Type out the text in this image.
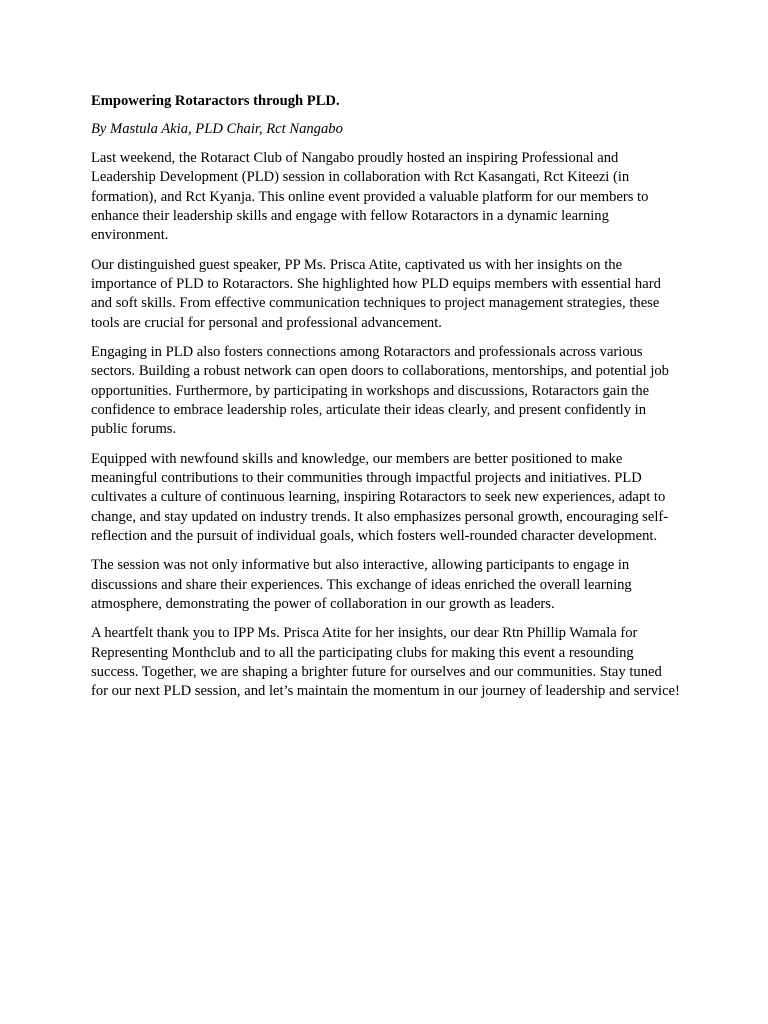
Empowering Rotaractors through PLD.
By Mastula Akia, PLD Chair, Rct Nangabo
Last weekend, the Rotaract Club of Nangabo proudly hosted an inspiring Professional and Leadership Development (PLD) session in collaboration with Rct Kasangati, Rct Kiteezi (in formation), and Rct Kyanja. This online event provided a valuable platform for our members to enhance their leadership skills and engage with fellow Rotaractors in a dynamic learning environment.
Our distinguished guest speaker, PP Ms. Prisca Atite, captivated us with her insights on the importance of PLD to Rotaractors. She highlighted how PLD equips members with essential hard and soft skills. From effective communication techniques to project management strategies, these tools are crucial for personal and professional advancement.
Engaging in PLD also fosters connections among Rotaractors and professionals across various sectors. Building a robust network can open doors to collaborations, mentorships, and potential job opportunities. Furthermore, by participating in workshops and discussions, Rotaractors gain the confidence to embrace leadership roles, articulate their ideas clearly, and present confidently in public forums.
Equipped with newfound skills and knowledge, our members are better positioned to make meaningful contributions to their communities through impactful projects and initiatives. PLD cultivates a culture of continuous learning, inspiring Rotaractors to seek new experiences, adapt to change, and stay updated on industry trends. It also emphasizes personal growth, encouraging self-reflection and the pursuit of individual goals, which fosters well-rounded character development.
The session was not only informative but also interactive, allowing participants to engage in discussions and share their experiences. This exchange of ideas enriched the overall learning atmosphere, demonstrating the power of collaboration in our growth as leaders.
A heartfelt thank you to IPP Ms. Prisca Atite for her insights, our dear Rtn Phillip Wamala for Representing Monthclub and to all the participating clubs for making this event a resounding success. Together, we are shaping a brighter future for ourselves and our communities. Stay tuned for our next PLD session, and let’s maintain the momentum in our journey of leadership and service!
